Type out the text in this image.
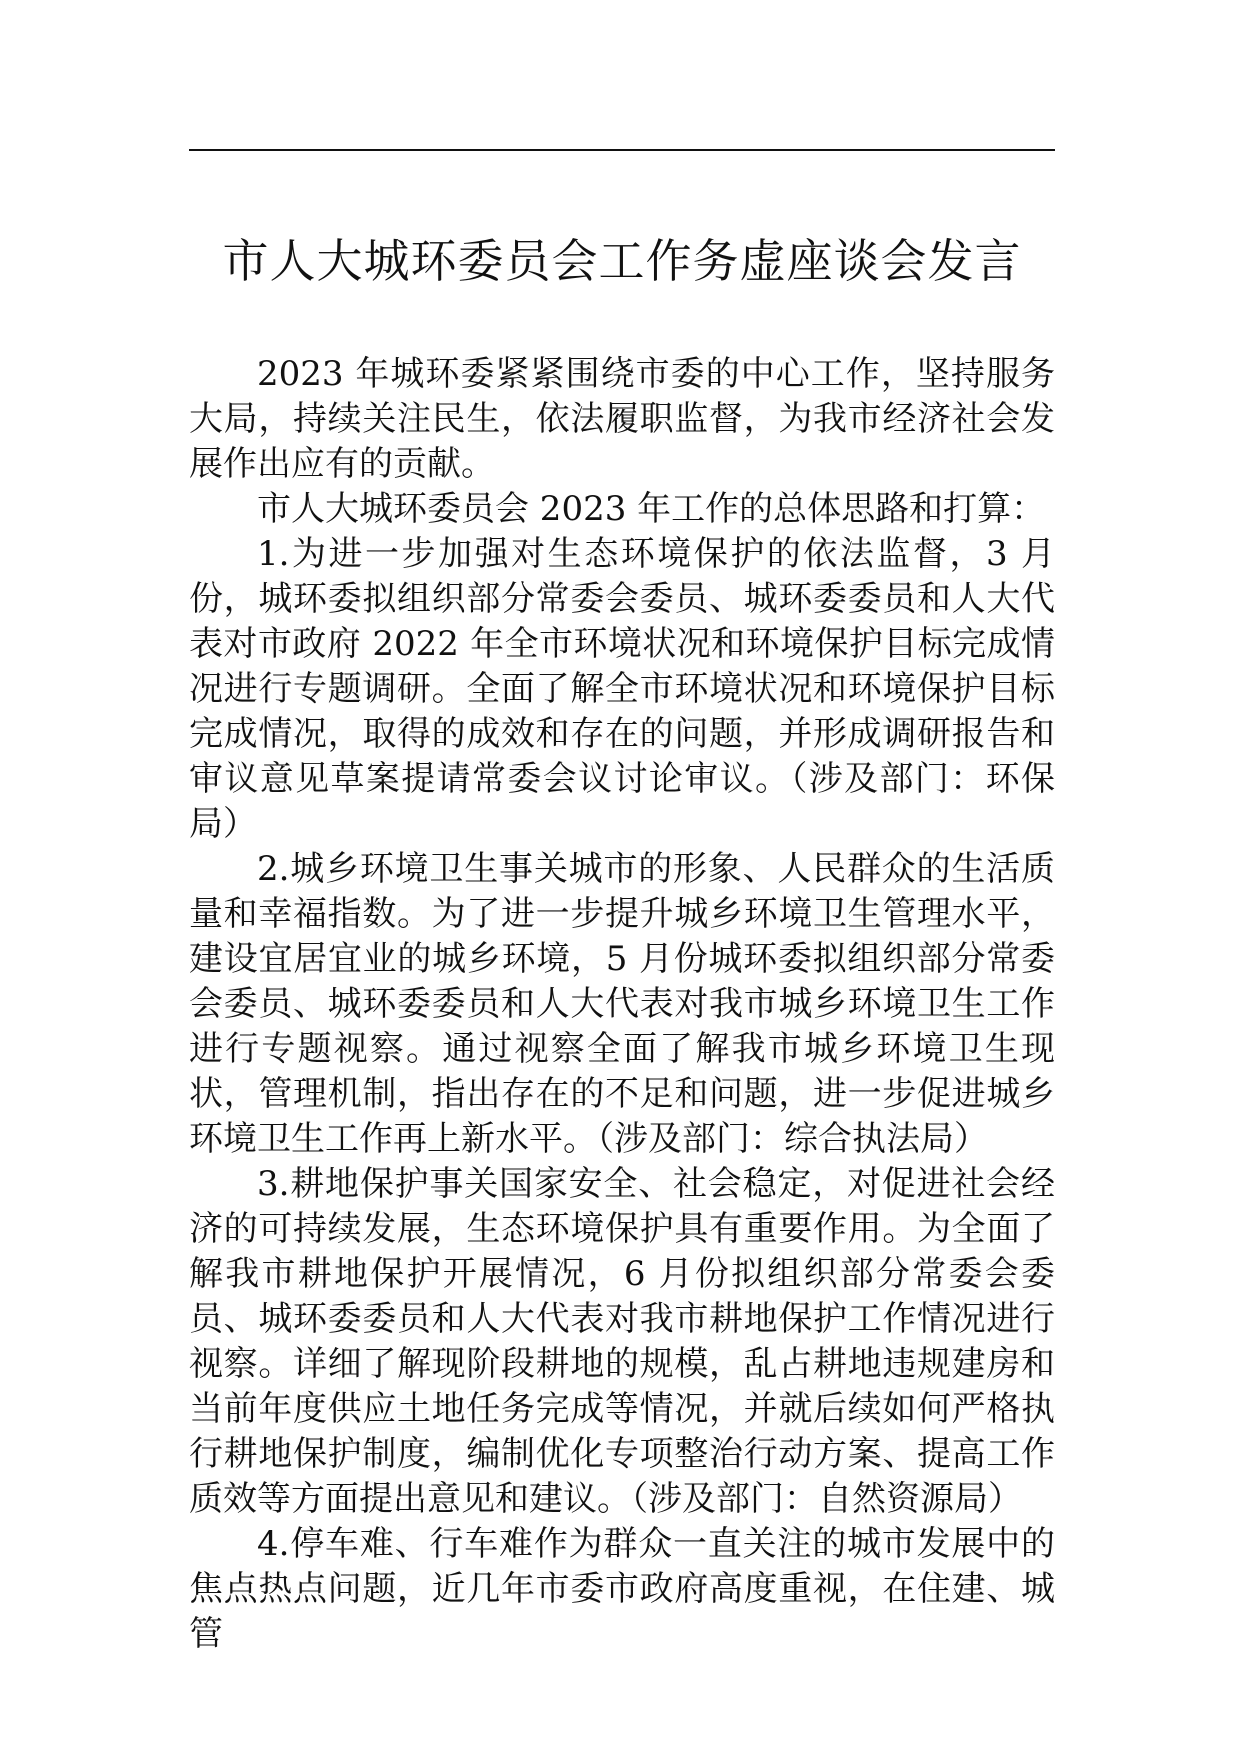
市人大城环委员会工作务虚座谈会发言

2023 年城环委紧紧围绕市委的中心工作，坚持服务大局，持续关注民生，依法履职监督，为我市经济社会发展作出应有的贡献。

市人大城环委员会 2023 年工作的总体思路和打算：

1.为进一步加强对生态环境保护的依法监督，3 月份，城环委拟组织部分常委会委员、城环委委员和人大代表对市政府 2022 年全市环境状况和环境保护目标完成情况进行专题调研。全面了解全市环境状况和环境保护目标完成情况，取得的成效和存在的问题，并形成调研报告和审议意见草案提请常委会议讨论审议。（涉及部门：环保局）

2.城乡环境卫生事关城市的形象、人民群众的生活质量和幸福指数。为了进一步提升城乡环境卫生管理水平，建设宜居宜业的城乡环境，5 月份城环委拟组织部分常委会委员、城环委委员和人大代表对我市城乡环境卫生工作进行专题视察。通过视察全面了解我市城乡环境卫生现状，管理机制，指出存在的不足和问题，进一步促进城乡环境卫生工作再上新水平。（涉及部门：综合执法局）

3.耕地保护事关国家安全、社会稳定，对促进社会经济的可持续发展，生态环境保护具有重要作用。为全面了解我市耕地保护开展情况，6 月份拟组织部分常委会委员、城环委委员和人大代表对我市耕地保护工作情况进行视察。详细了解现阶段耕地的规模，乱占耕地违规建房和当前年度供应土地任务完成等情况，并就后续如何严格执行耕地保护制度，编制优化专项整治行动方案、提高工作质效等方面提出意见和建议。（涉及部门：自然资源局）

4.停车难、行车难作为群众一直关注的城市发展中的焦点热点问题，近几年市委市政府高度重视，在住建、城管
